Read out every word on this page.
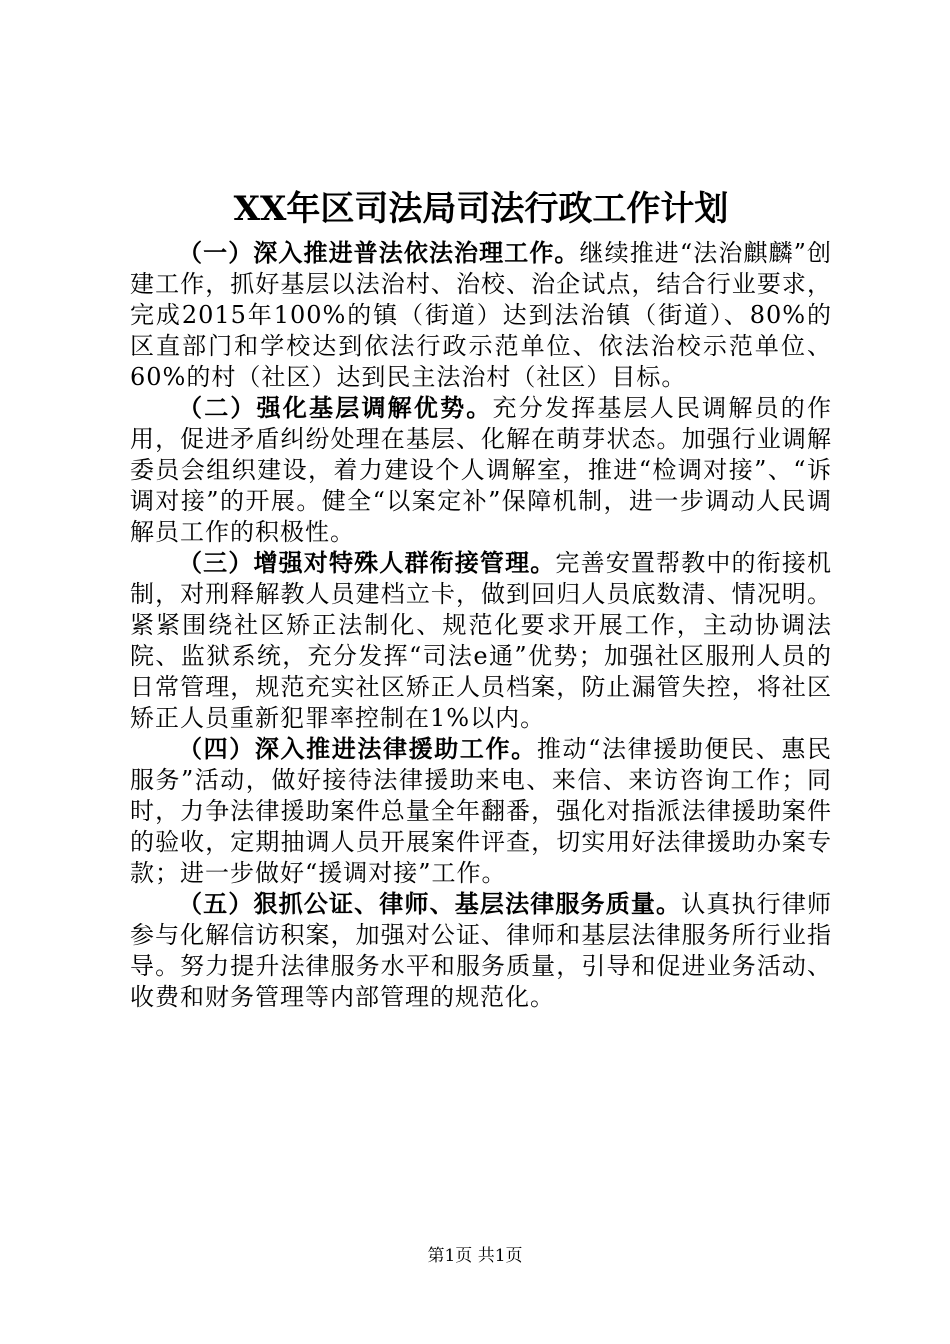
XX年区司法局司法行政工作计划

（一）深入推进普法依法治理工作。继续推进“法治麒麟”创建工作，抓好基层以法治村、治校、治企试点，结合行业要求，完成2015年100%的镇（街道）达到法治镇（街道）、80%的区直部门和学校达到依法行政示范单位、依法治校示范单位、60%的村（社区）达到民主法治村（社区）目标。

（二）强化基层调解优势。充分发挥基层人民调解员的作用，促进矛盾纠纷处理在基层、化解在萌芽状态。加强行业调解委员会组织建设，着力建设个人调解室，推进“检调对接”、“诉调对接”的开展。健全“以案定补”保障机制，进一步调动人民调解员工作的积极性。

（三）增强对特殊人群衔接管理。完善安置帮教中的衔接机制，对刑释解教人员建档立卡，做到回归人员底数清、情况明。紧紧围绕社区矫正法制化、规范化要求开展工作，主动协调法院、监狱系统，充分发挥“司法e通”优势；加强社区服刑人员的日常管理，规范充实社区矫正人员档案，防止漏管失控，将社区矫正人员重新犯罪率控制在1%以内。

（四）深入推进法律援助工作。推动“法律援助便民、惠民服务”活动，做好接待法律援助来电、来信、来访咨询工作；同时，力争法律援助案件总量全年翻番，强化对指派法律援助案件的验收，定期抽调人员开展案件评查，切实用好法律援助办案专款；进一步做好“援调对接”工作。

（五）狠抓公证、律师、基层法律服务质量。认真执行律师参与化解信访积案，加强对公证、律师和基层法律服务所行业指导。努力提升法律服务水平和服务质量，引导和促进业务活动、收费和财务管理等内部管理的规范化。

第1页 共1页
